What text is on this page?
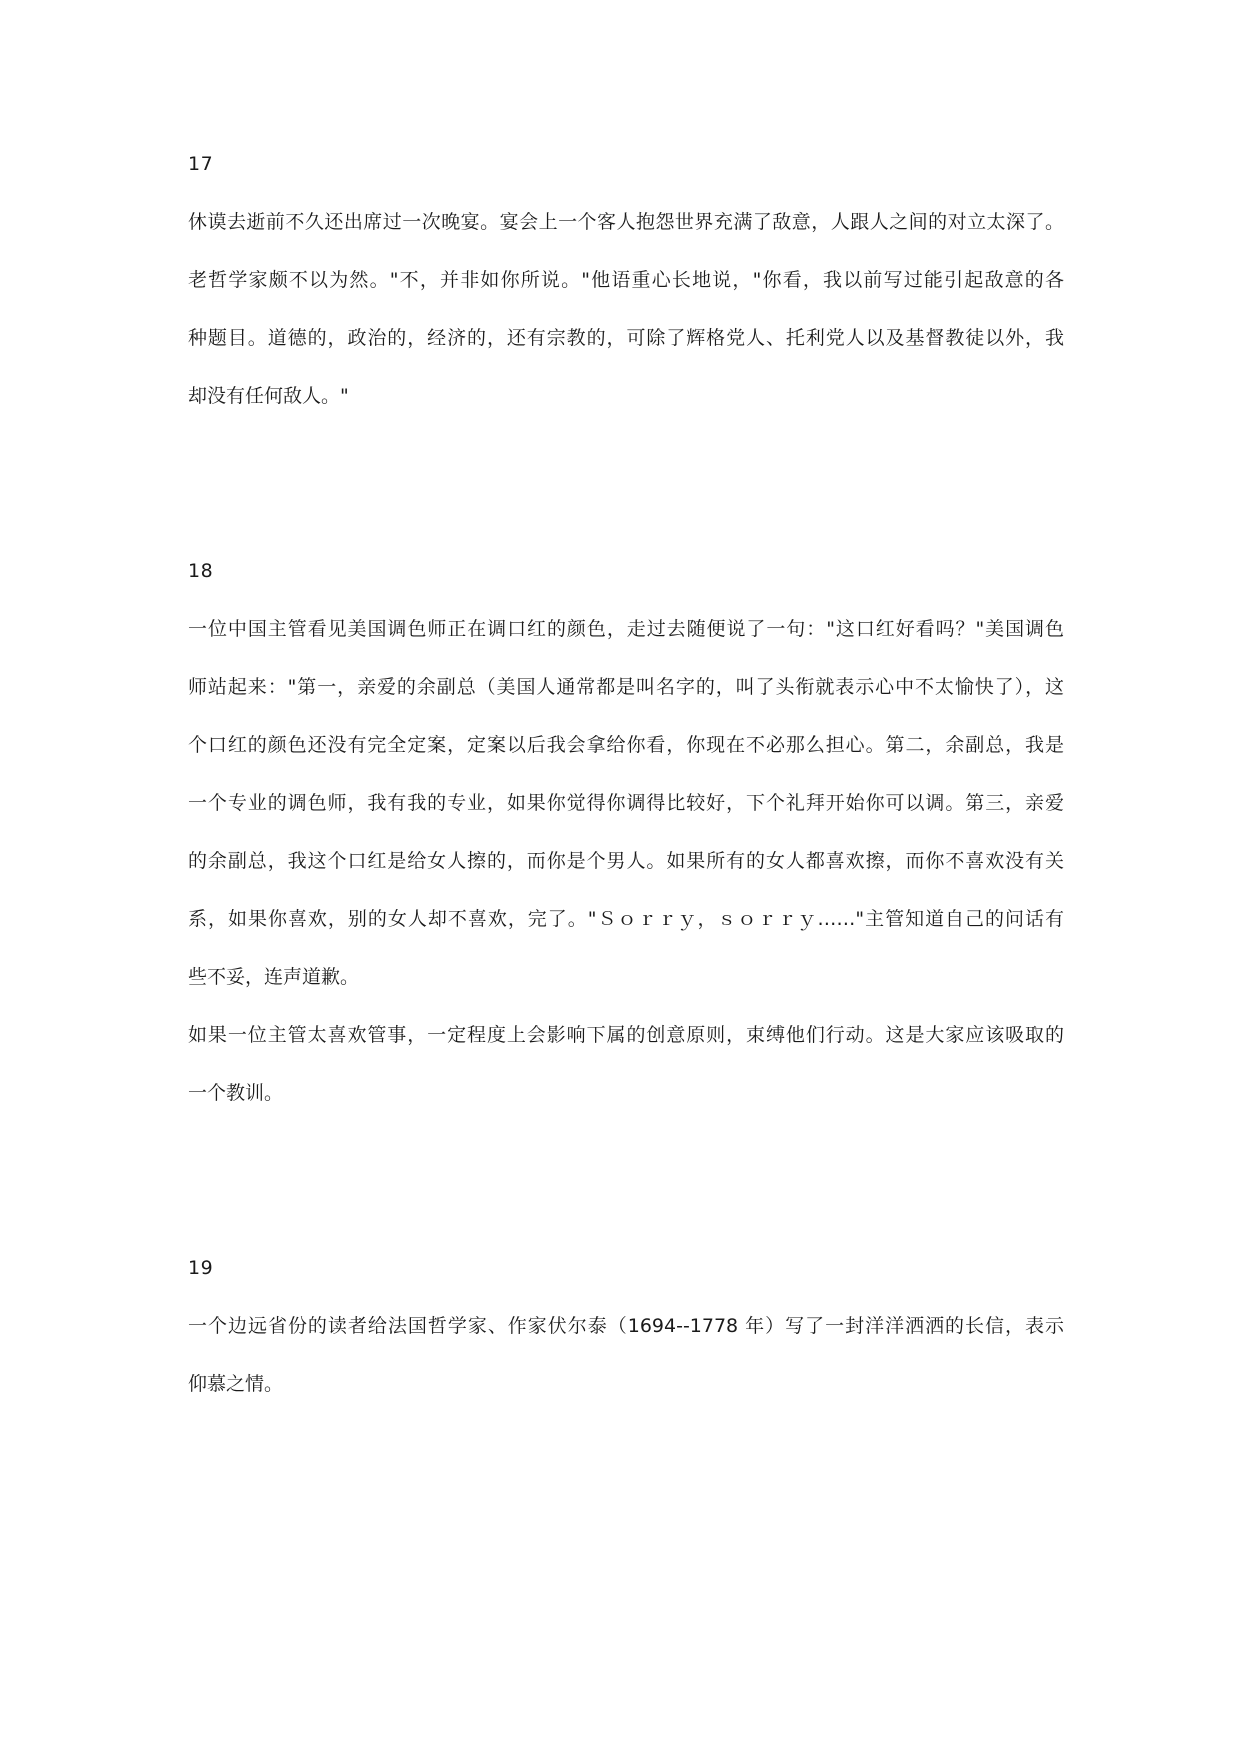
17
休谟去逝前不久还出席过一次晚宴。宴会上一个客人抱怨世界充满了敌意，人跟人之间的对立太深了。
老哲学家颇不以为然。"不，并非如你所说。"他语重心长地说，"你看，我以前写过能引起敌意的各
种题目。道德的，政治的，经济的，还有宗教的，可除了辉格党人、托利党人以及基督教徒以外，我
却没有任何敌人。"
18
一位中国主管看见美国调色师正在调口红的颜色，走过去随便说了一句："这口红好看吗？"美国调色
师站起来："第一，亲爱的余副总（美国人通常都是叫名字的，叫了头衔就表示心中不太愉快了），这
个口红的颜色还没有完全定案，定案以后我会拿给你看，你现在不必那么担心。第二，余副总，我是
一个专业的调色师，我有我的专业，如果你觉得你调得比较好，下个礼拜开始你可以调。第三，亲爱
的余副总，我这个口红是给女人擦的，而你是个男人。如果所有的女人都喜欢擦，而你不喜欢没有关
系，如果你喜欢，别的女人却不喜欢，完了。"Ｓｏｒｒｙ，ｓｏｒｒｙ……"主管知道自己的问话有
些不妥，连声道歉。
如果一位主管太喜欢管事，一定程度上会影响下属的创意原则，束缚他们行动。这是大家应该吸取的
一个教训。
19
一个边远省份的读者给法国哲学家、作家伏尔泰（1694--1778 年）写了一封洋洋洒洒的长信，表示
仰慕之情。
